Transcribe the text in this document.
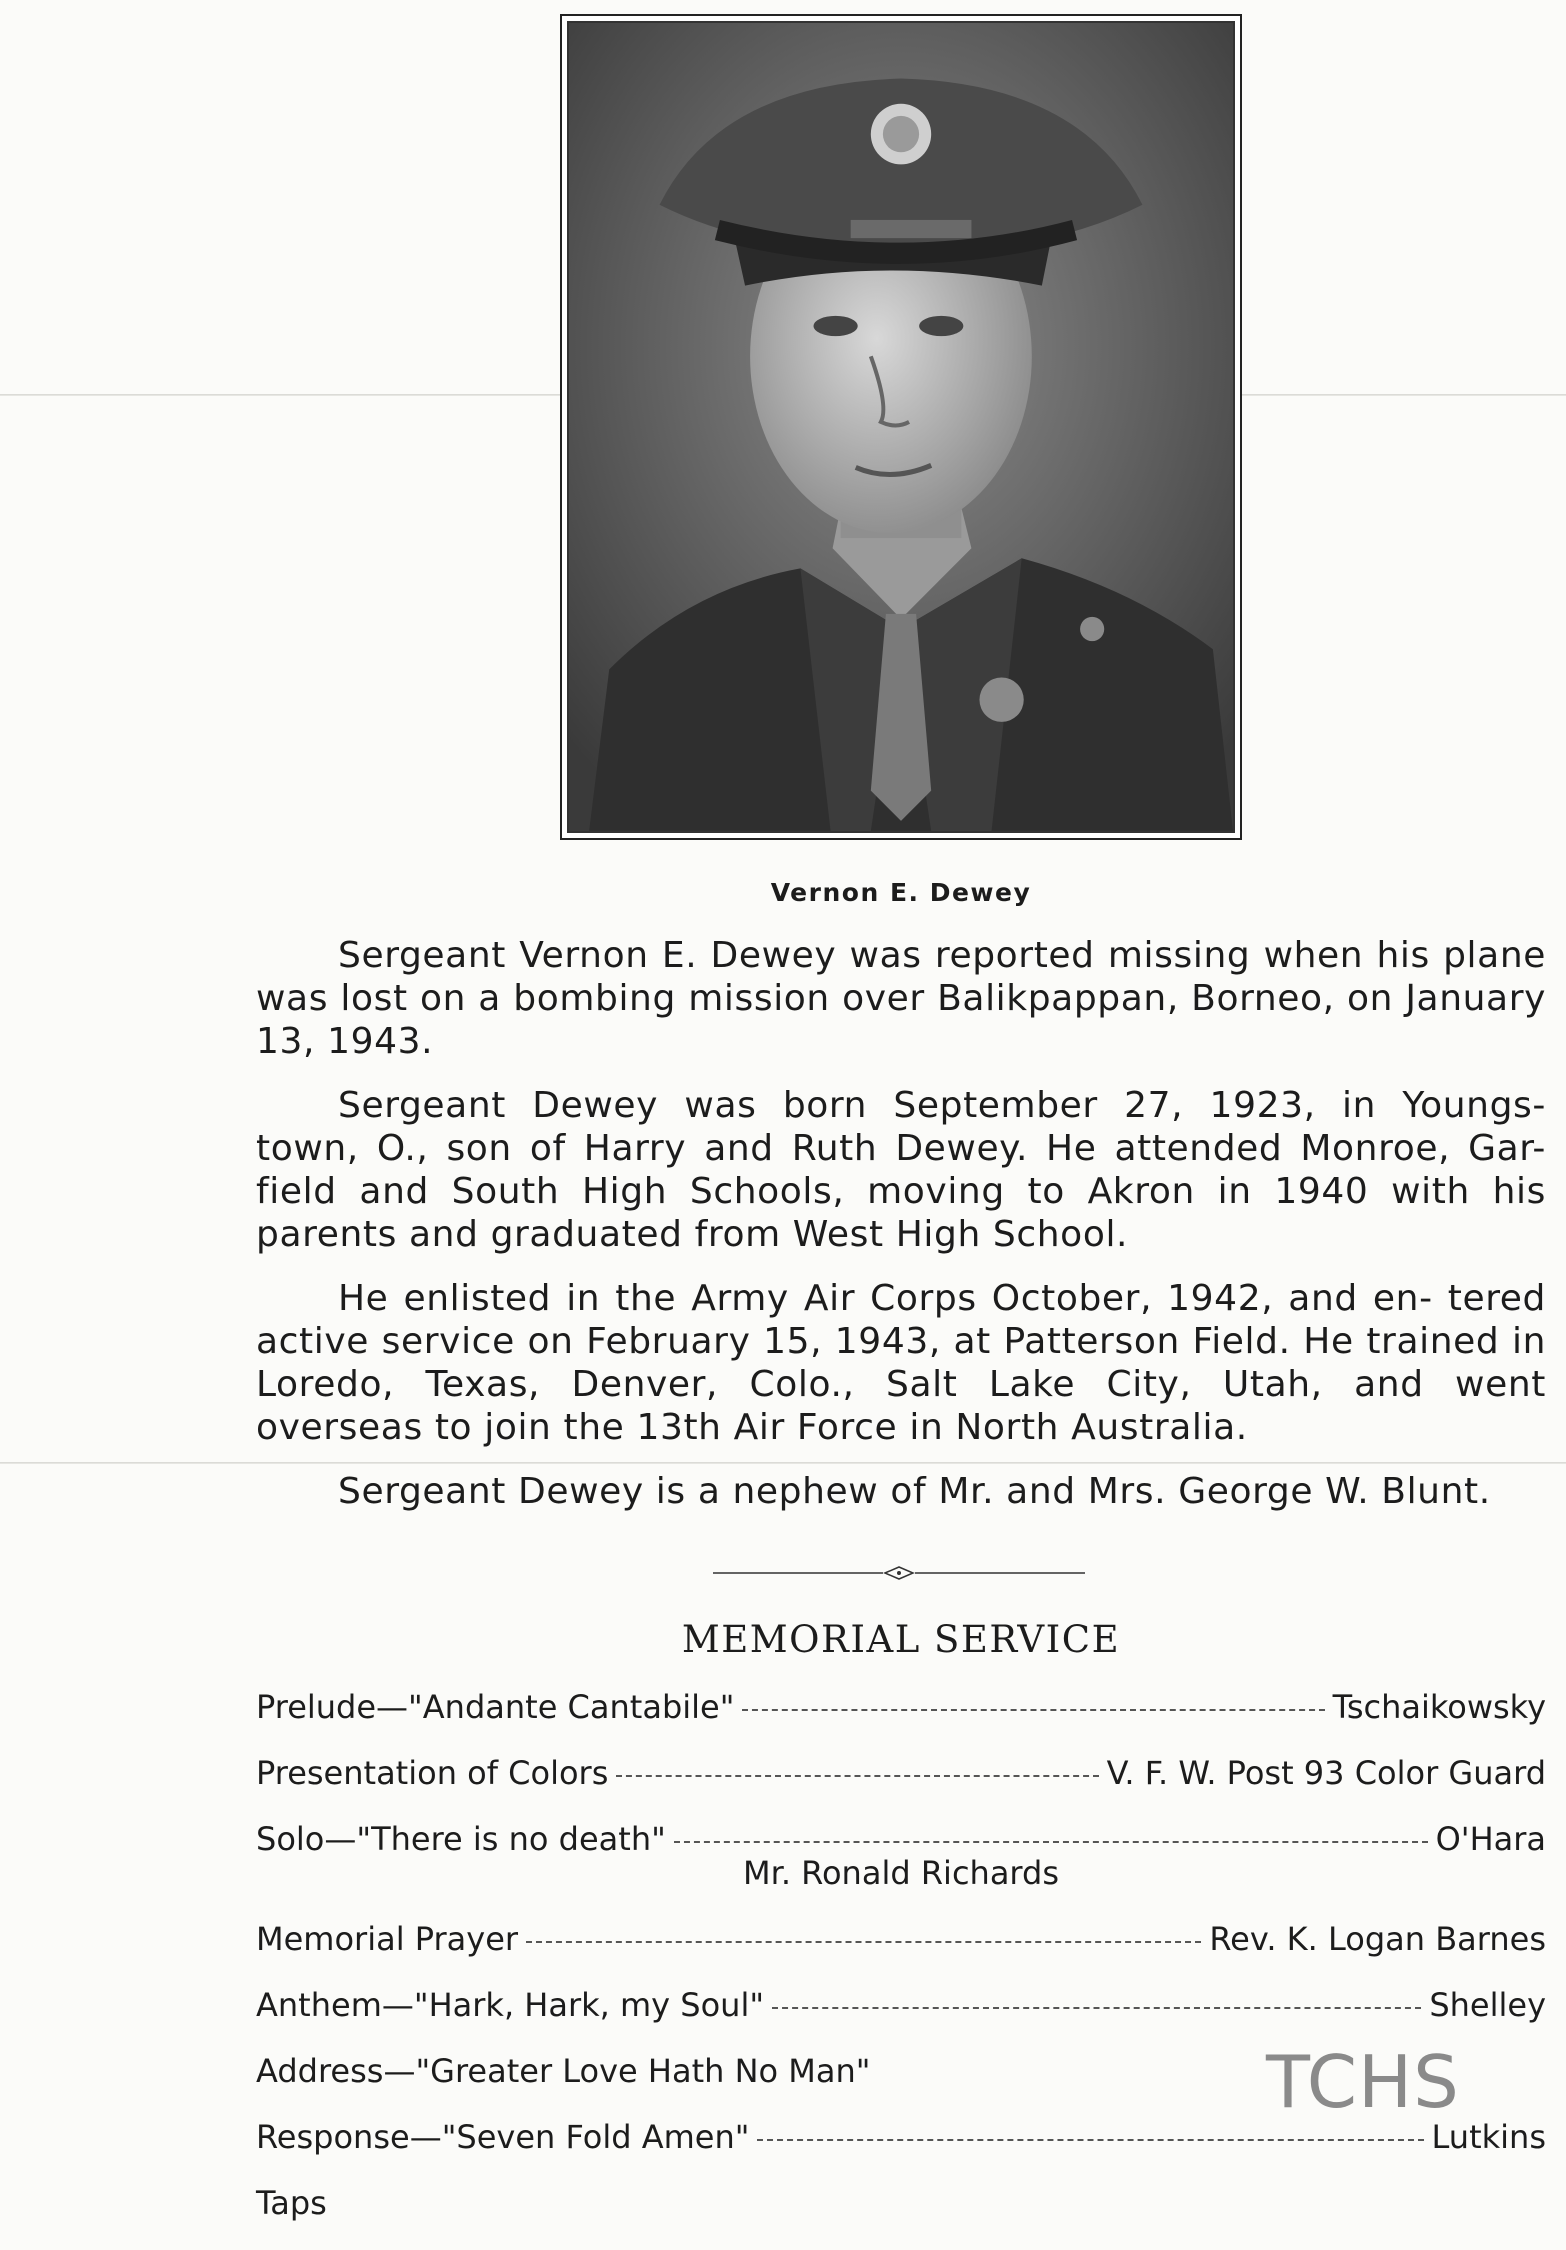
Vernon E. Dewey

Sergeant Vernon E. Dewey was reported missing when his plane was lost on a bombing mission over Balikpappan, Borneo, on January 13, 1943.

Sergeant Dewey was born September 27, 1923, in Youngs- town, O., son of Harry and Ruth Dewey. He attended Monroe, Gar- field and South High Schools, moving to Akron in 1940 with his parents and graduated from West High School.

He enlisted in the Army Air Corps October, 1942, and en- tered active service on February 15, 1943, at Patterson Field. He trained in Loredo, Texas, Denver, Colo., Salt Lake City, Utah, and went overseas to join the 13th Air Force in North Australia.

Sergeant Dewey is a nephew of Mr. and Mrs. George W. Blunt.

MEMORIAL SERVICE
Prelude—"Andante Cantabile"	Tschaikowsky
Presentation of Colors	V. F. W. Post 93 Color Guard
Solo—"There is no death"	O'Hara
Mr. Ronald Richards
Memorial Prayer	Rev. K. Logan Barnes
Anthem—"Hark, Hark, my Soul"	Shelley
Address—"Greater Love Hath No Man"
Response—"Seven Fold Amen"	Lutkins
Taps
TCHS
